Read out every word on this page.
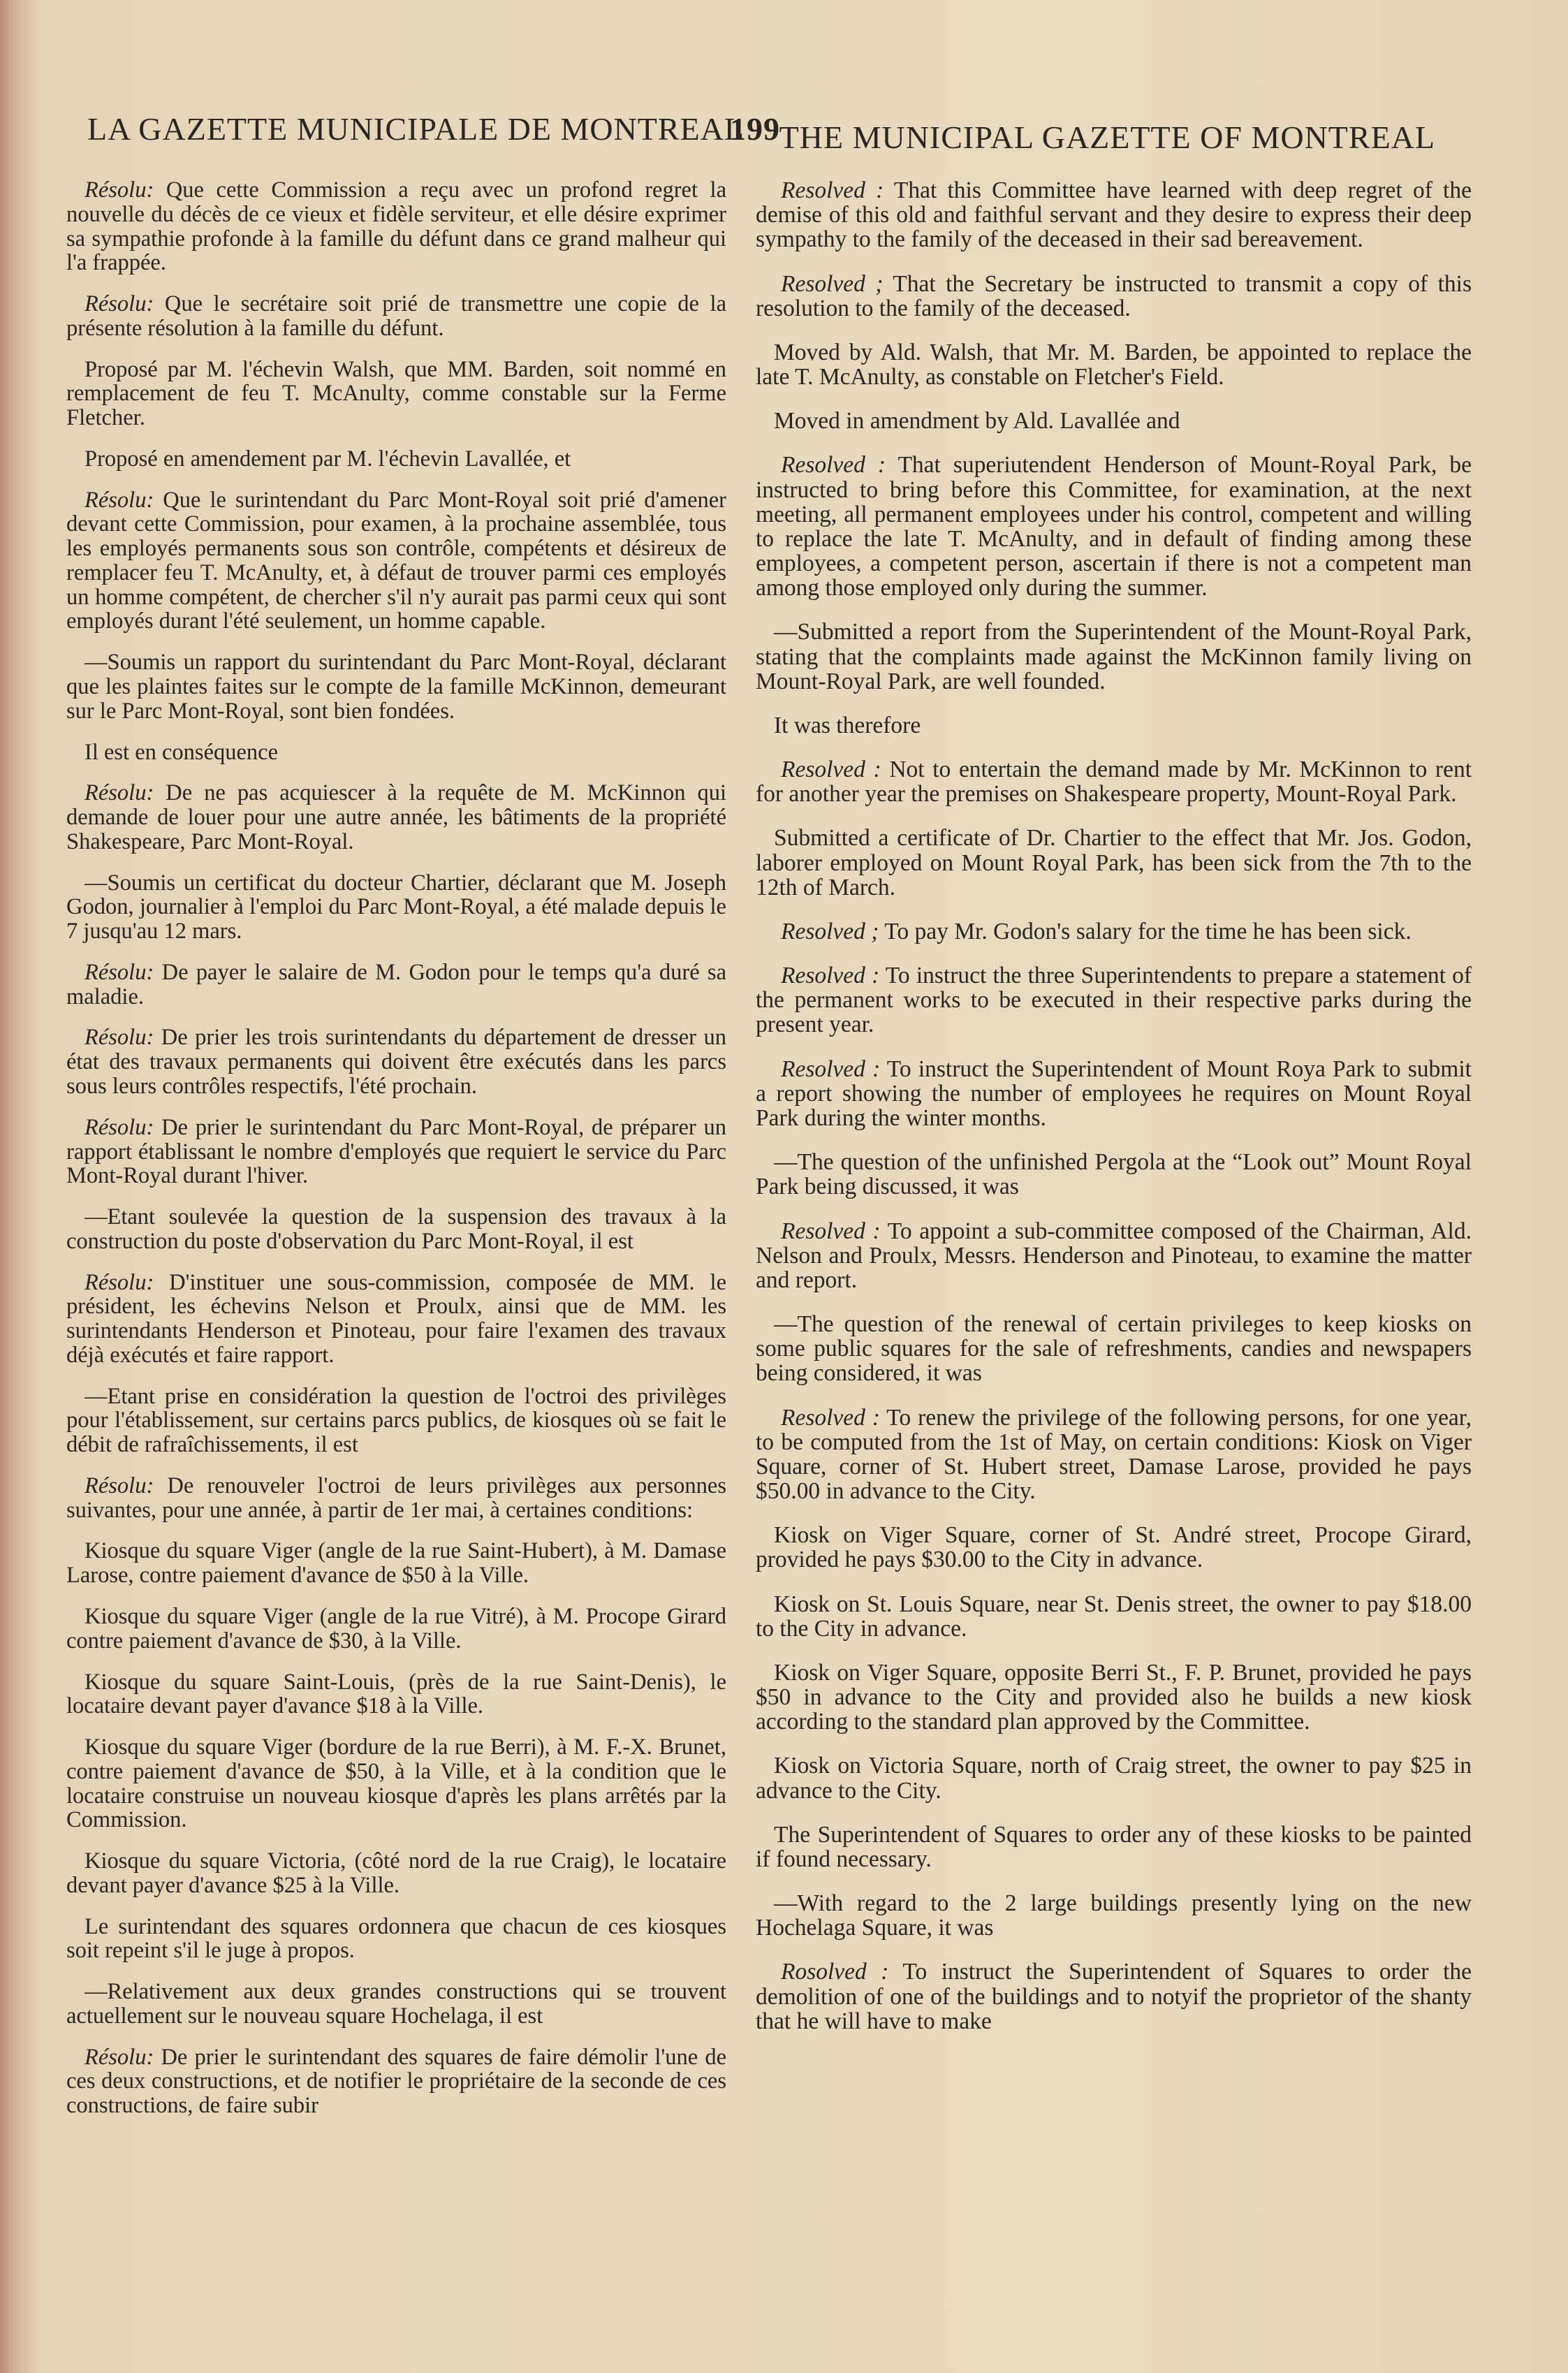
LA GAZETTE MUNICIPALE DE MONTREAL
199
THE MUNICIPAL GAZETTE OF MONTREAL

Résolu: Que cette Commission a reçu avec un profond regret la nouvelle du décès de ce vieux et fidèle serviteur, et elle désire exprimer sa sympathie profonde à la famille du défunt dans ce grand malheur qui l'a frappée.

Résolu: Que le secrétaire soit prié de transmettre une copie de la présente résolution à la famille du défunt.

Proposé par M. l'échevin Walsh, que MM. Barden, soit nommé en remplacement de feu T. McAnulty, comme constable sur la Ferme Fletcher.

Proposé en amendement par M. l'échevin Lavallée, et

Résolu: Que le surintendant du Parc Mont-Royal soit prié d'amener devant cette Commission, pour examen, à la prochaine assemblée, tous les employés permanents sous son contrôle, compétents et désireux de remplacer feu T. McAnulty, et, à défaut de trouver parmi ces employés un homme compétent, de chercher s'il n'y aurait pas parmi ceux qui sont employés durant l'été seulement, un homme capable.

—Soumis un rapport du surintendant du Parc Mont-Royal, déclarant que les plaintes faites sur le compte de la famille McKinnon, demeurant sur le Parc Mont-Royal, sont bien fondées.

Il est en conséquence

Résolu: De ne pas acquiescer à la requête de M. McKinnon qui demande de louer pour une autre année, les bâtiments de la propriété Shakespeare, Parc Mont-Royal.

—Soumis un certificat du docteur Chartier, déclarant que M. Joseph Godon, journalier à l'emploi du Parc Mont-Royal, a été malade depuis le 7 jusqu'au 12 mars.

Résolu: De payer le salaire de M. Godon pour le temps qu'a duré sa maladie.

Résolu: De prier les trois surintendants du département de dresser un état des travaux permanents qui doivent être exécutés dans les parcs sous leurs contrôles respectifs, l'été prochain.

Résolu: De prier le surintendant du Parc Mont-Royal, de préparer un rapport établissant le nombre d'employés que requiert le service du Parc Mont-Royal durant l'hiver.

—Etant soulevée la question de la suspension des travaux à la construction du poste d'observation du Parc Mont-Royal, il est

Résolu: D'instituer une sous-commission, composée de MM. le président, les échevins Nelson et Proulx, ainsi que de MM. les surintendants Henderson et Pinoteau, pour faire l'examen des travaux déjà exécutés et faire rapport.

—Etant prise en considération la question de l'octroi des privilèges pour l'établissement, sur certains parcs publics, de kiosques où se fait le débit de rafraîchissements, il est

Résolu: De renouveler l'octroi de leurs privilèges aux personnes suivantes, pour une année, à partir de 1er mai, à certaines conditions:

Kiosque du square Viger (angle de la rue Saint-Hubert), à M. Damase Larose, contre paiement d'avance de $50 à la Ville.

Kiosque du square Viger (angle de la rue Vitré), à M. Procope Girard contre paiement d'avance de $30, à la Ville.

Kiosque du square Saint-Louis, (près de la rue Saint-Denis), le locataire devant payer d'avance $18 à la Ville.

Kiosque du square Viger (bordure de la rue Berri), à M. F.-X. Brunet, contre paiement d'avance de $50, à la Ville, et à la condition que le locataire construise un nouveau kiosque d'après les plans arrêtés par la Commission.

Kiosque du square Victoria, (côté nord de la rue Craig), le locataire devant payer d'avance $25 à la Ville.

Le surintendant des squares ordonnera que chacun de ces kiosques soit repeint s'il le juge à propos.

—Relativement aux deux grandes constructions qui se trouvent actuellement sur le nouveau square Hochelaga, il est

Résolu: De prier le surintendant des squares de faire démolir l'une de ces deux constructions, et de notifier le propriétaire de la seconde de ces constructions, de faire subir

Resolved : That this Committee have learned with deep regret of the demise of this old and faithful servant and they desire to express their deep sympathy to the family of the deceased in their sad bereavement.

Resolved ; That the Secretary be instructed to transmit a copy of this resolution to the family of the deceased.

Moved by Ald. Walsh, that Mr. M. Barden, be appointed to replace the late T. McAnulty, as constable on Fletcher's Field.

Moved in amendment by Ald. Lavallée and

Resolved : That superiutendent Henderson of Mount-Royal Park, be instructed to bring before this Committee, for examination, at the next meeting, all permanent employees under his control, competent and willing to replace the late T. McAnulty, and in default of finding among these employees, a competent person, ascertain if there is not a competent man among those employed only during the summer.

—Submitted a report from the Superintendent of the Mount-Royal Park, stating that the complaints made against the McKinnon family living on Mount-Royal Park, are well founded.

It was therefore

Resolved : Not to entertain the demand made by Mr. McKinnon to rent for another year the premises on Shakespeare property, Mount-Royal Park.

Submitted a certificate of Dr. Chartier to the effect that Mr. Jos. Godon, laborer employed on Mount Royal Park, has been sick from the 7th to the 12th of March.

Resolved ; To pay Mr. Godon's salary for the time he has been sick.

Resolved : To instruct the three Superintendents to prepare a statement of the permanent works to be executed in their respective parks during the present year.

Resolved : To instruct the Superintendent of Mount Roya Park to submit a report showing the number of employees he requires on Mount Royal Park during the winter months.

—The question of the unfinished Pergola at the “Look out” Mount Royal Park being discussed, it was

Resolved : To appoint a sub-committee composed of the Chairman, Ald. Nelson and Proulx, Messrs. Henderson and Pinoteau, to examine the matter and report.

—The question of the renewal of certain privileges to keep kiosks on some public squares for the sale of refreshments, candies and newspapers being considered, it was

Resolved : To renew the privilege of the following persons, for one year, to be computed from the 1st of May, on certain conditions: Kiosk on Viger Square, corner of St. Hubert street, Damase Larose, provided he pays $50.00 in advance to the City.

Kiosk on Viger Square, corner of St. André street, Procope Girard, provided he pays $30.00 to the City in advance.

Kiosk on St. Louis Square, near St. Denis street, the owner to pay $18.00 to the City in advance.

Kiosk on Viger Square, opposite Berri St., F. P. Brunet, provided he pays $50 in advance to the City and provided also he builds a new kiosk according to the standard plan approved by the Committee.

Kiosk on Victoria Square, north of Craig street, the owner to pay $25 in advance to the City.

The Superintendent of Squares to order any of these kiosks to be painted if found necessary.

—With regard to the 2 large buildings presently lying on the new Hochelaga Square, it was

Rosolved : To instruct the Superintendent of Squares to order the demolition of one of the buildings and to notyif the proprietor of the shanty that he will have to make
